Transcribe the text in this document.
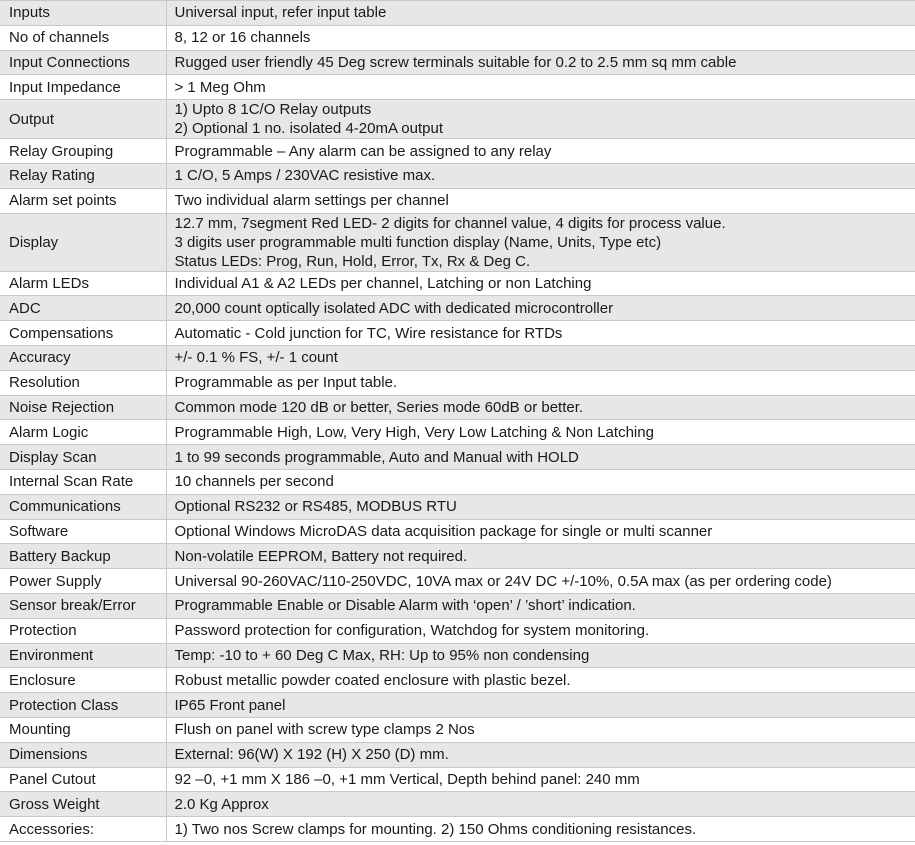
Inputs	Universal input, refer input table

No of channels	8, 12 or 16 channels

Input Connections	Rugged user friendly 45 Deg screw terminals suitable for 0.2 to 2.5 mm sq mm cable

Input Impedance	> 1 Meg Ohm

Output	1) Upto 8 1C/O Relay outputs
2) Optional 1 no. isolated 4-20mA output

Relay Grouping	Programmable – Any alarm can be assigned to any relay

Relay Rating	1 C/O, 5 Amps / 230VAC resistive max.

Alarm set points	Two individual alarm settings per channel

Display	12.7 mm, 7segment Red LED- 2 digits for channel value, 4 digits for process value.
3 digits user programmable multi function display (Name, Units, Type etc)
Status LEDs: Prog, Run, Hold, Error, Tx, Rx & Deg C.

Alarm LEDs	Individual A1 & A2 LEDs per channel, Latching or non Latching

ADC	20,000 count optically isolated ADC with dedicated microcontroller

Compensations	Automatic - Cold junction for TC, Wire resistance for RTDs

Accuracy	+/- 0.1 % FS, +/- 1 count

Resolution	Programmable as per Input table.

Noise Rejection	Common mode 120 dB or better, Series mode 60dB or better.

Alarm Logic	Programmable High, Low, Very High, Very Low Latching & Non Latching

Display Scan	1 to 99 seconds programmable, Auto and Manual with HOLD

Internal Scan Rate	10 channels per second

Communications	Optional RS232 or RS485, MODBUS RTU

Software	Optional Windows MicroDAS data acquisition package for single or multi scanner

Battery Backup	Non-volatile EEPROM, Battery not required.

Power Supply	Universal 90-260VAC/110-250VDC, 10VA max or 24V DC +/-10%, 0.5A max (as per ordering code)

Sensor break/Error	Programmable Enable or Disable Alarm with ‘open’ / ’short’ indication.

Protection	Password protection for configuration, Watchdog for system monitoring.

Environment	Temp: -10 to + 60 Deg C Max, RH: Up to 95% non condensing

Enclosure	Robust metallic powder coated enclosure with plastic bezel.

Protection Class	IP65 Front panel

Mounting	Flush on panel with screw type clamps 2 Nos

Dimensions	External: 96(W) X 192 (H) X 250 (D) mm.

Panel Cutout	92 –0, +1 mm X 186 –0, +1 mm Vertical, Depth behind panel: 240 mm

Gross Weight	2.0 Kg Approx

Accessories:	1) Two nos Screw clamps for mounting. 2) 150 Ohms conditioning resistances.
